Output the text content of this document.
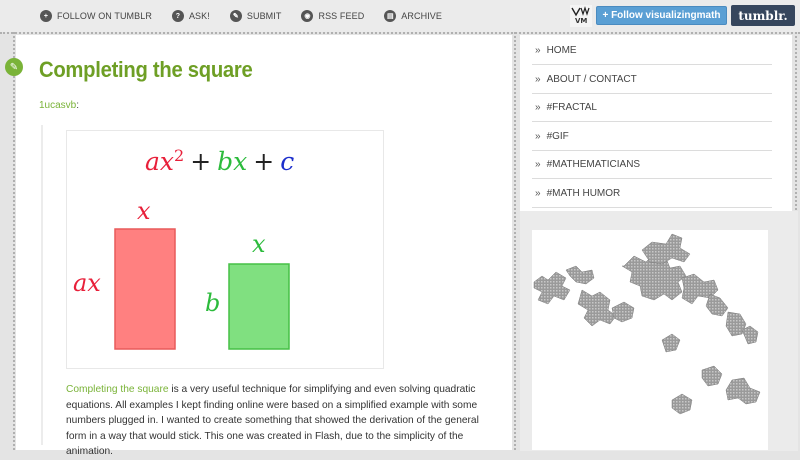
+ FOLLOW ON TUMBLR	? ASK!	✎ SUBMIT	◉ RSS FEED	▤ ARCHIVE	VM	+ Follow visualizingmath	tumblr.
✎ Completing the square
1ucasvb:
$ax^2$ + bx + c
x
ax
x
b

Completing the square is a very useful technique for simplifying and even solving quadratic equations. All examples I kept finding online were based on a simplified example with some numbers plugged in. I wanted to create something that showed the derivation of the general form in a way that would stick. This one was created in Flash, due to the simplicity of the animation.

» HOME
» ABOUT / CONTACT
» #FRACTAL
» #GIF
» #MATHEMATICIANS
» #MATH HUMOR
